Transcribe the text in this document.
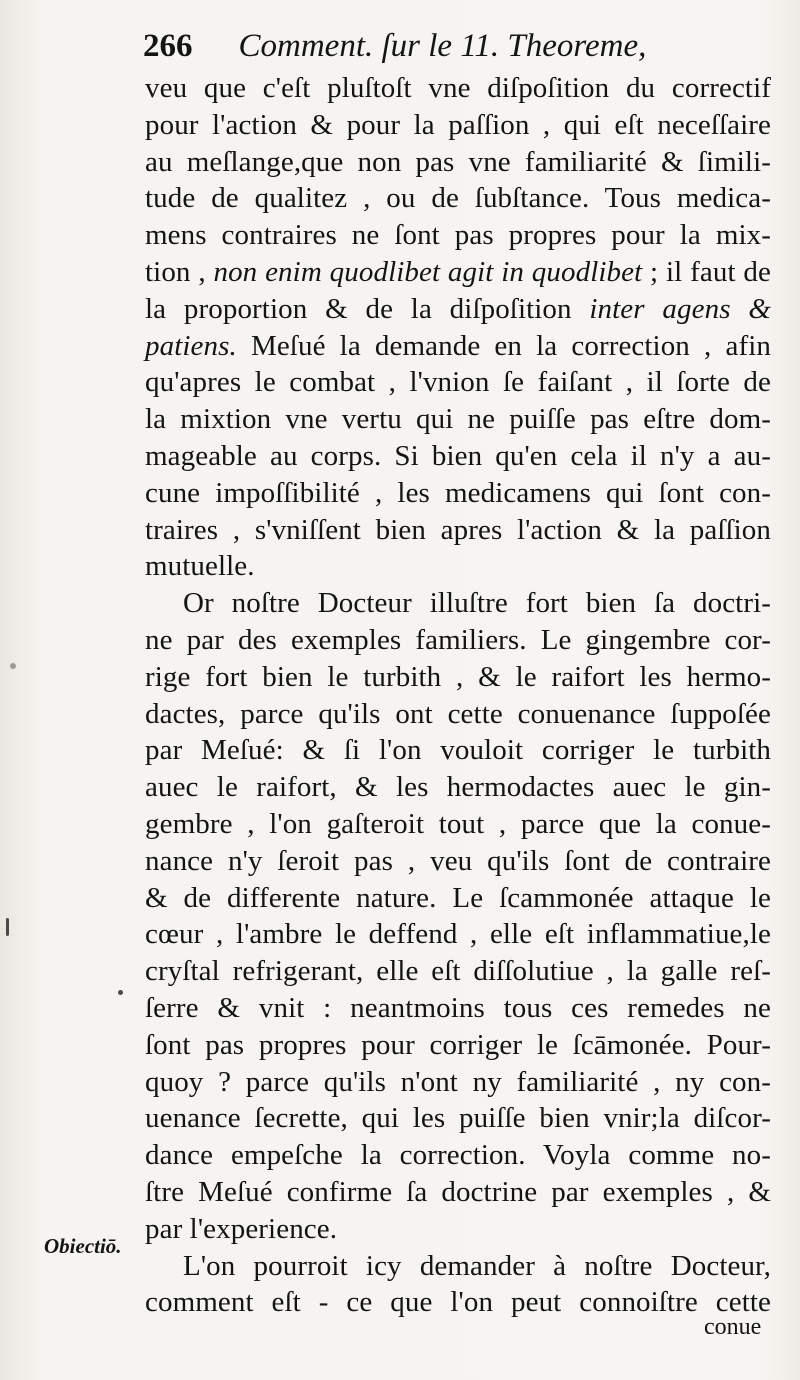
266 Comment. ſur le 11. Theoreme,
veu que c'eſt pluſtoſt vne diſpoſition du correctif
pour l'action & pour la paſſion , qui eſt neceſſaire
au meſlange,que non pas vne familiarité & ſimili-
tude de qualitez , ou de ſubſtance. Tous medica-
mens contraires ne ſont pas propres pour la mix-
tion , non enim quodlibet agit in quodlibet ; il faut de
la proportion & de la diſpoſition inter agens &
patiens. Meſué la demande en la correction , afin
qu'apres le combat , l'vnion ſe faiſant , il ſorte de
la mixtion vne vertu qui ne puiſſe pas eſtre dom-
mageable au corps. Si bien qu'en cela il n'y a au-
cune impoſſibilité , les medicamens qui ſont con-
traires , s'vniſſent bien apres l'action & la paſſion
mutuelle.
Or noſtre Docteur illuſtre fort bien ſa doctri-
ne par des exemples familiers. Le gingembre cor-
rige fort bien le turbith , & le raifort les hermo-
dactes, parce qu'ils ont cette conuenance ſuppoſée
par Meſué: & ſi l'on vouloit corriger le turbith
auec le raifort, & les hermodactes auec le gin-
gembre , l'on gaſteroit tout , parce que la conue-
nance n'y ſeroit pas , veu qu'ils ſont de contraire
& de differente nature. Le ſcammonée attaque le
cœur , l'ambre le deffend , elle eſt inflammatiue,le
cryſtal refrigerant, elle eſt diſſolutiue , la galle reſ-
ſerre & vnit : neantmoins tous ces remedes ne
ſont pas propres pour corriger le ſcāmonée. Pour-
quoy ? parce qu'ils n'ont ny familiarité , ny con-
uenance ſecrette, qui les puiſſe bien vnir;la diſcor-
dance empeſche la correction. Voyla comme no-
ſtre Meſué confirme ſa doctrine par exemples , &
par l'experience.
L'on pourroit icy demander à noſtre Docteur,
comment eſt - ce que l'on peut connoiſtre cette
Obiectiō.
conue
